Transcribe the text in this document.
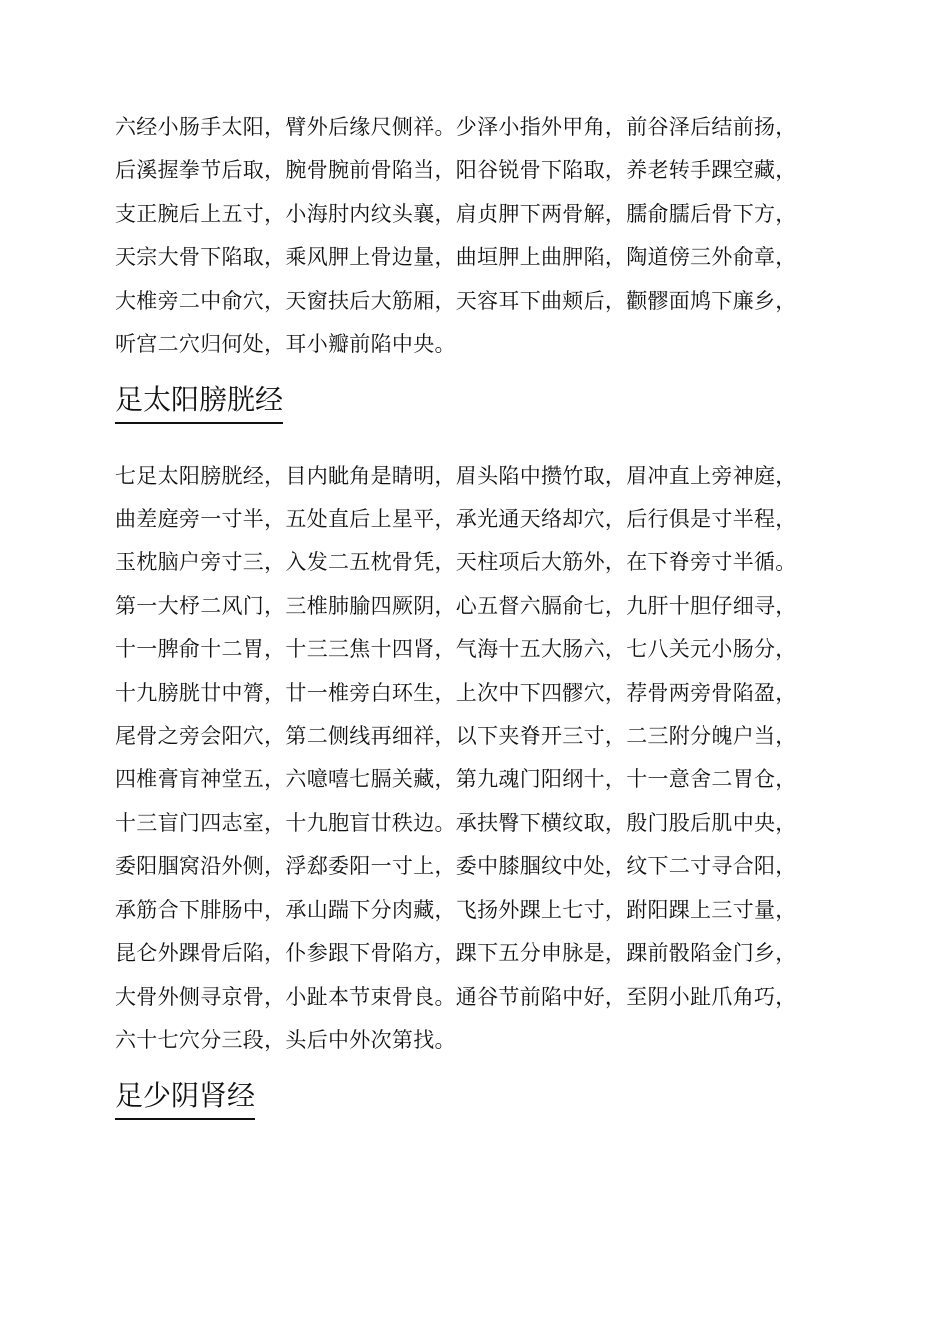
六经小肠手太阳，臂外后缘尺侧祥。少泽小指外甲角，前谷泽后结前扬，
后溪握拳节后取，腕骨腕前骨陷当，阳谷锐骨下陷取，养老转手踝空藏，
支正腕后上五寸，小海肘内纹头襄，肩贞胛下两骨解，臑俞臑后骨下方，
天宗大骨下陷取，乘风胛上骨边量，曲垣胛上曲胛陷，陶道傍三外俞章，
大椎旁二中俞穴，天窗扶后大筋厢，天容耳下曲颊后，颧髎面鸠下廉乡，
听宫二穴归何处，耳小瓣前陷中央。
足太阳膀胱经
七足太阳膀胱经，目内眦角是睛明，眉头陷中攒竹取，眉冲直上旁神庭，
曲差庭旁一寸半，五处直后上星平，承光通天络却穴，后行俱是寸半程，
玉枕脑户旁寸三，入发二五枕骨凭，天柱项后大筋外，在下脊旁寸半循。
第一大杼二风门，三椎肺腧四厥阴，心五督六膈俞七，九肝十胆仔细寻，
十一脾俞十二胃，十三三焦十四肾，气海十五大肠六，七八关元小肠分，
十九膀胱廿中膂，廿一椎旁白环生，上次中下四髎穴，荐骨两旁骨陷盈，
尾骨之旁会阳穴，第二侧线再细祥，以下夹脊开三寸，二三附分魄户当，
四椎膏肓神堂五，六噫嘻七膈关藏，第九魂门阳纲十，十一意舍二胃仓，
十三盲门四志室，十九胞盲廿秩边。承扶臀下横纹取，殷门股后肌中央，
委阳腘窝沿外侧，浮郄委阳一寸上，委中膝腘纹中处，纹下二寸寻合阳，
承筋合下腓肠中，承山踹下分肉藏，飞扬外踝上七寸，跗阳踝上三寸量，
昆仑外踝骨后陷，仆参跟下骨陷方，踝下五分申脉是，踝前骰陷金门乡，
大骨外侧寻京骨，小趾本节束骨良。通谷节前陷中好，至阴小趾爪角巧，
六十七穴分三段，头后中外次第找。
足少阴肾经
